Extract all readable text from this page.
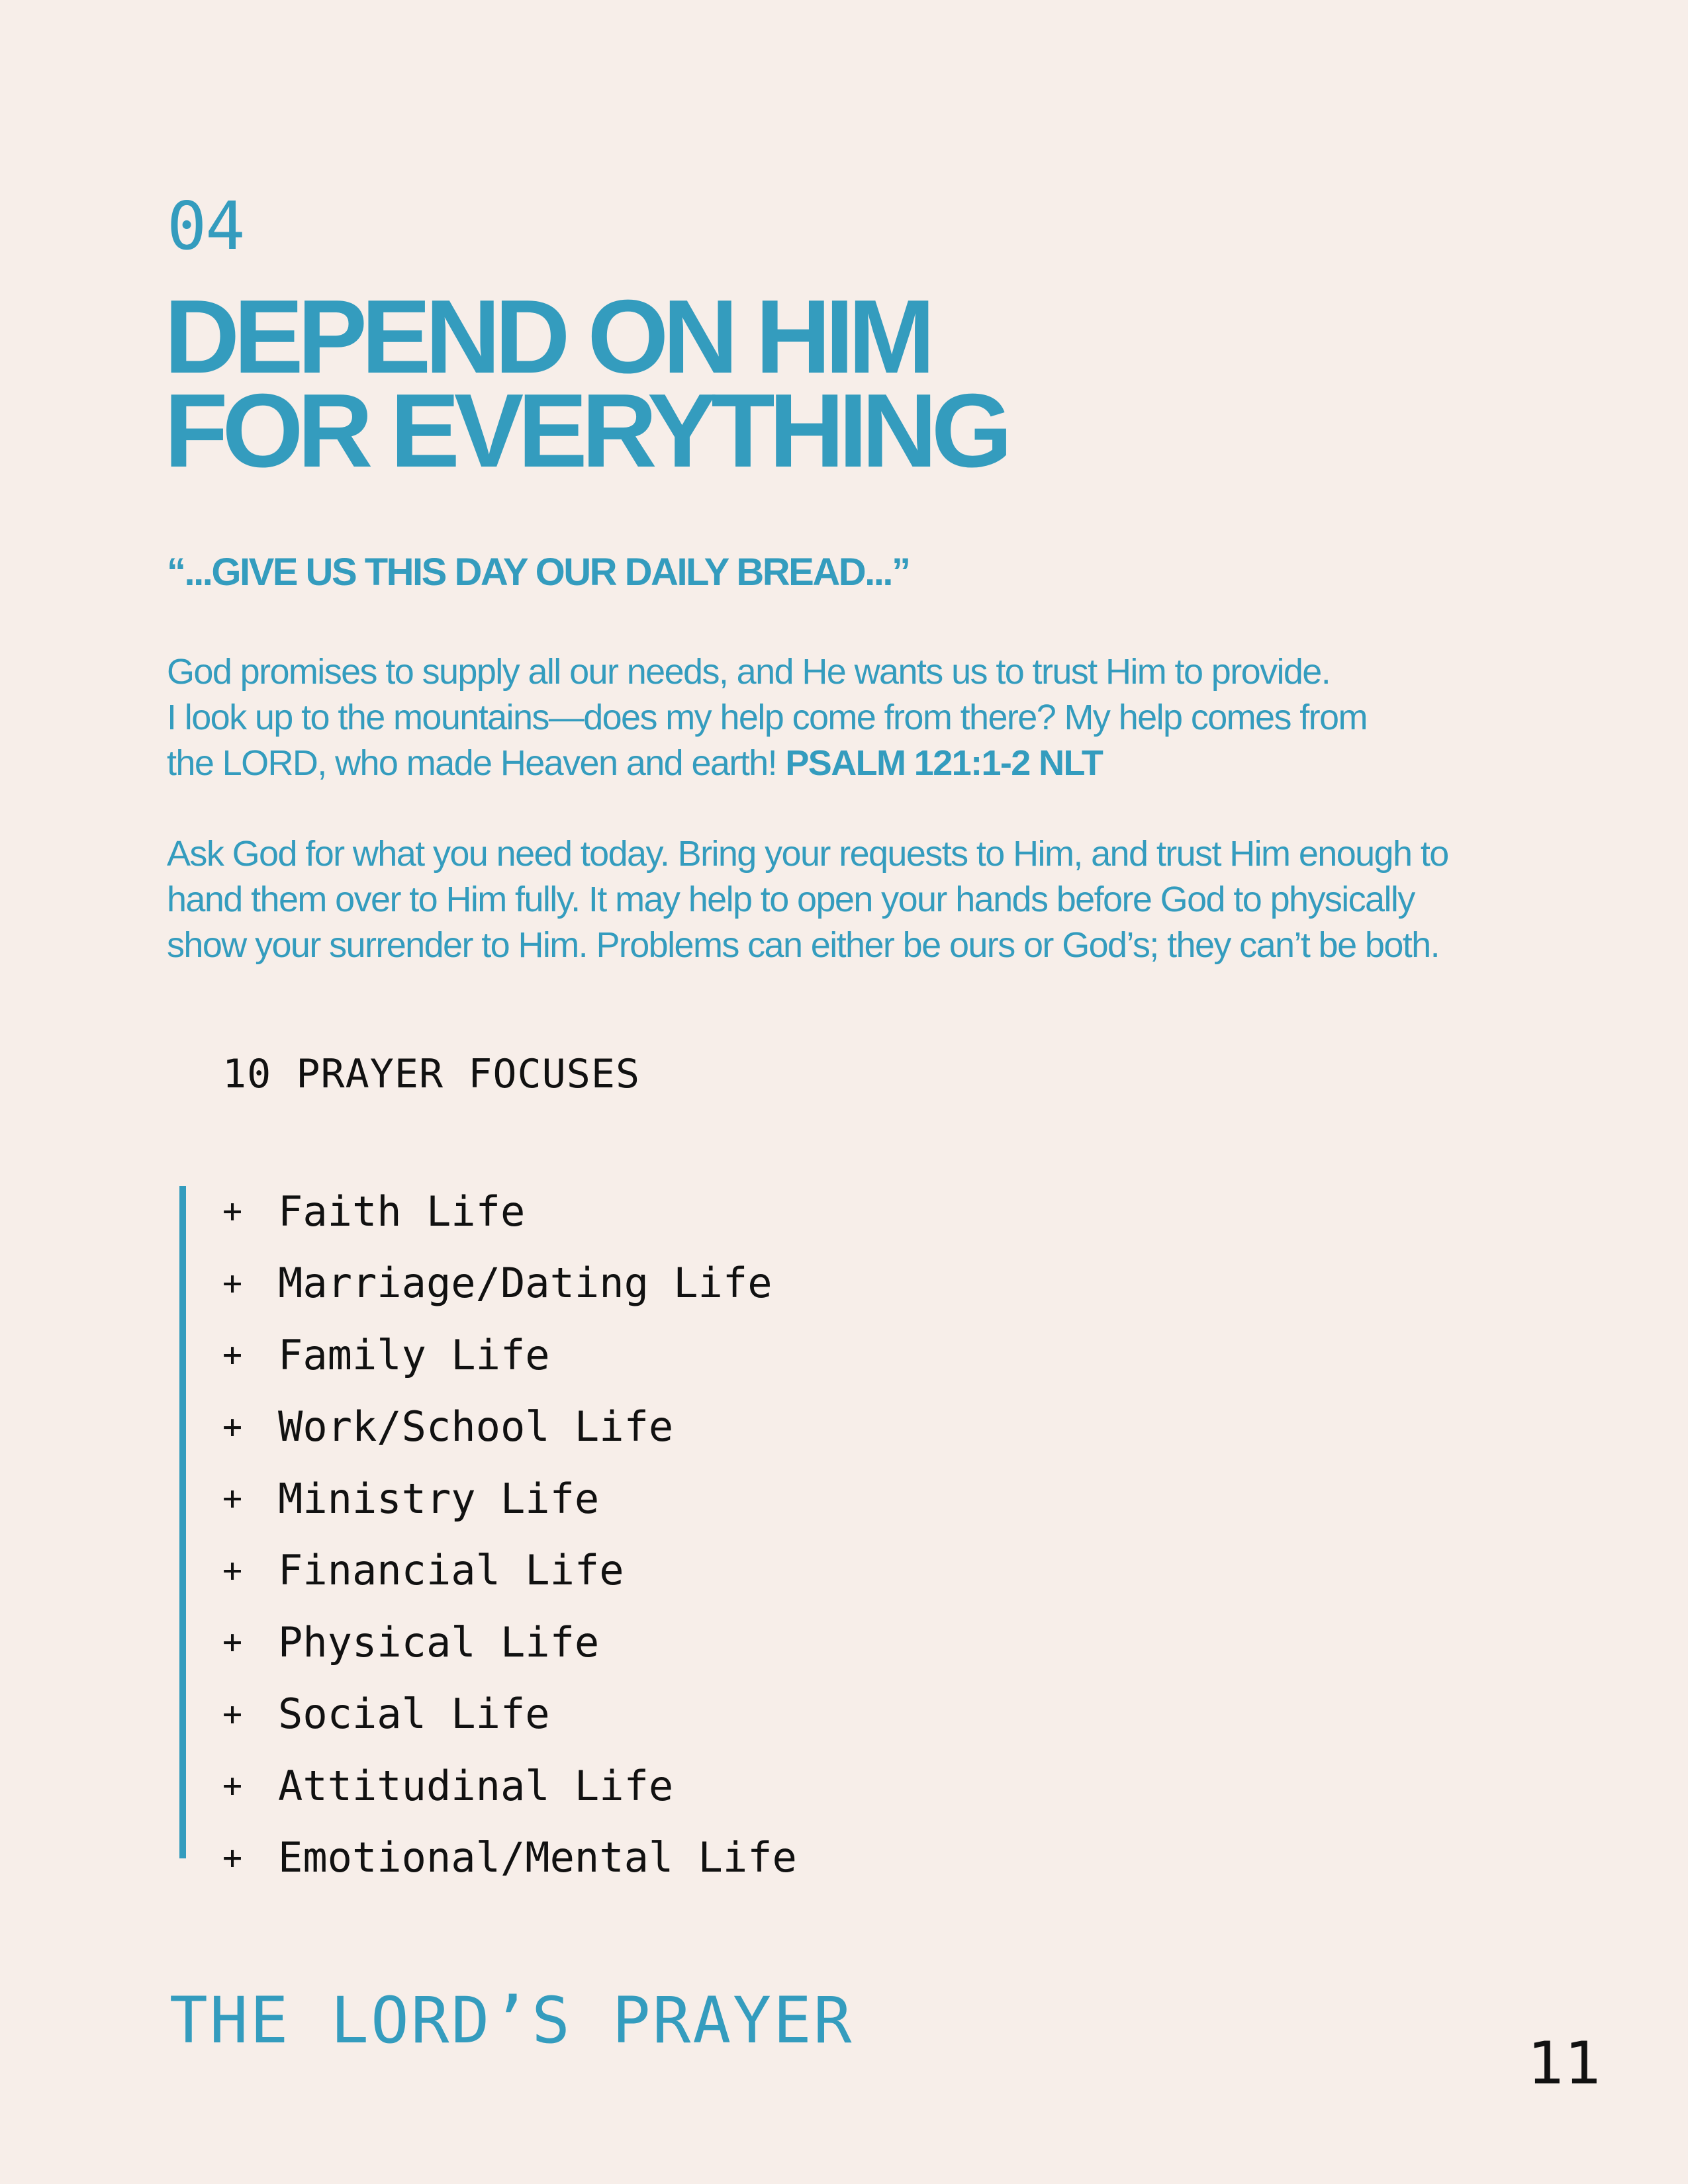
04
DEPEND ON HIM
FOR EVERYTHING
“...GIVE US THIS DAY OUR DAILY BREAD...”
God promises to supply all our needs, and He wants us to trust Him to provide.
I look up to the mountains—does my help come from there? My help comes from
the LORD, who made Heaven and earth! PSALM 121:1-2 NLT
Ask God for what you need today. Bring your requests to Him, and trust Him enough to
hand them over to Him fully. It may help to open your hands before God to physically
show your surrender to Him. Problems can either be ours or God’s; they can’t be both.
10 PRAYER FOCUSES
+ Faith Life
+ Marriage/Dating Life
+ Family Life
+ Work/School Life
+ Ministry Life
+ Financial Life
+ Physical Life
+ Social Life
+ Attitudinal Life
+ Emotional/Mental Life
THE LORD’S PRAYER
11
